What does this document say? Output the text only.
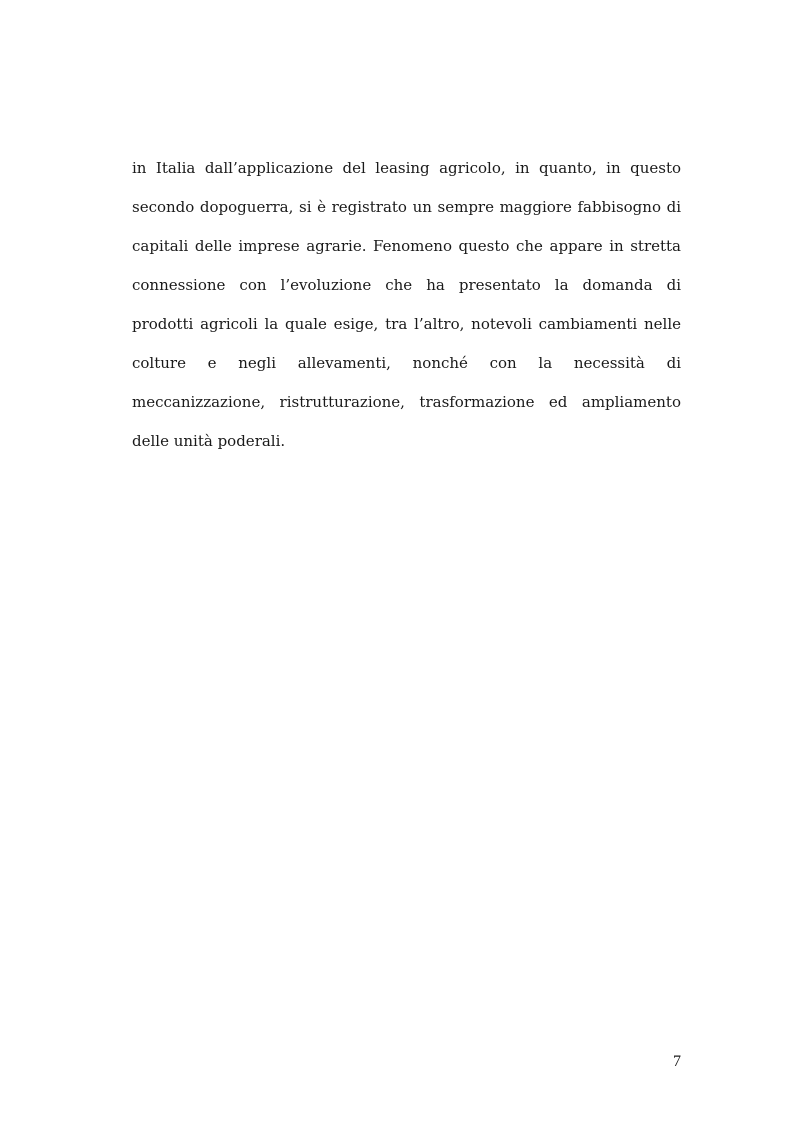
in Italia dall’applicazione del leasing agricolo, in quanto, in questo
secondo dopoguerra, si è registrato un sempre maggiore fabbisogno di
capitali delle imprese agrarie. Fenomeno questo che appare in stretta
connessione con l’evoluzione che ha presentato la domanda di
prodotti agricoli la quale esige, tra l’altro, notevoli cambiamenti nelle
colture e negli allevamenti, nonché con la necessità di
meccanizzazione, ristrutturazione, trasformazione ed ampliamento
delle unità poderali.

7
